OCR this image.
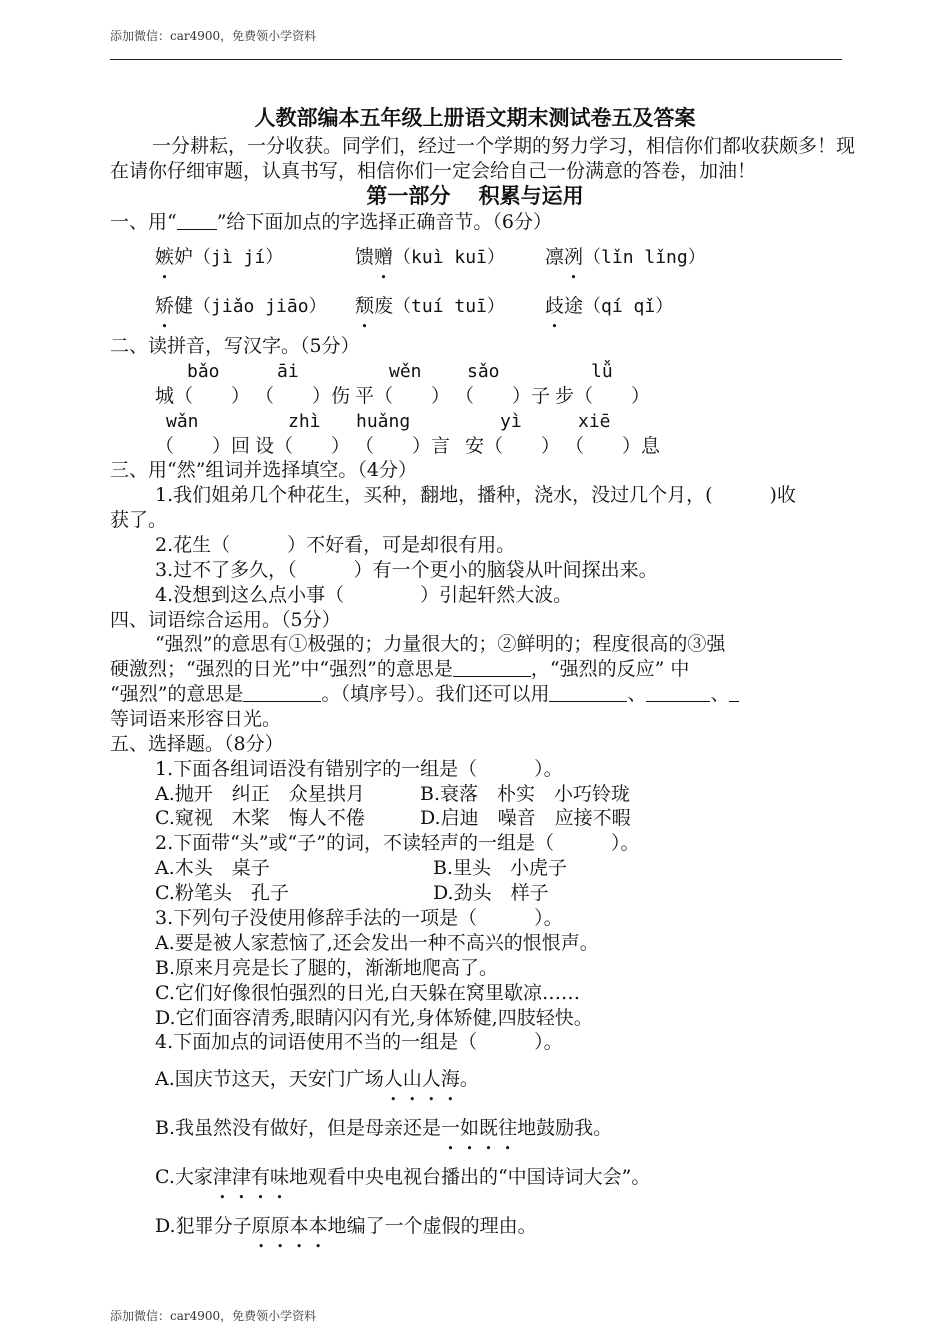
添加微信：car4900，免费领小学资料
人教部编本五年级上册语文期末测试卷五及答案
一分耕耘，一分收获。同学们，经过一个学期的努力学习，相信你们都收获颇多！现
在请你仔细审题，认真书写，相信你们一定会给自己一份满意的答卷，加油！
第一部分　 积累与运用
一、用“ ”给下面加点的字选择正确音节。（6分）
嫉妒（jì jí）	馈赠（kuì kuī） 凛冽（lǐn lǐng）
矫健（jiǎo jiāo） 颓废（tuí tuī） 歧途（qí qǐ）
二、读拼音，写汉字。（5分）
bǎo	āi	wěn	sǎo	lǚ
城（　　） （　　）伤 平（　　） （　　）子 步（　　）
wǎn	zhì huǎng	yì	xiē
（　　）回 设（　　） （　　）言 安（　　） （　　）息
三、用“然”组词并选择填空。（4分）
1.我们姐弟几个种花生，买种，翻地，播种，浇水，没过几个月，(　　　)收
获了。
2.花生（　　　）不好看，可是却很有用。
3.过不了多久，（　　　）有一个更小的脑袋从叶间探出来。
4.没想到这么点小事（　　　　）引起轩然大波。
四、词语综合运用。（5分）
“强烈”的意思有①极强的；力量很大的；②鲜明的；程度很高的③强
硬激烈；“强烈的日光”中“强烈”的意思是	，“强烈的反应” 中
“强烈”的意思是	。（填序号）。我们还可以用	、	、
等词语来形容日光。
五、选择题。（8分）
1.下面各组词语没有错别字的一组是（　　　）。
A.抛开　纠正　众星拱月	B.衰落　朴实　小巧铃珑
C.窥视　木桨　悔人不倦	D.启迪　噪音　应接不暇
2.下面带“头”或“子”的词，不读轻声的一组是（　　　）。
A.木头　桌子	B.里头　小虎子
C.粉笔头　孔子	D.劲头　样子
3.下列句子没使用修辞手法的一项是（　　　）。
A.要是被人家惹恼了,还会发出一种不高兴的恨恨声。
B.原来月亮是长了腿的，渐渐地爬高了。
C.它们好像很怕强烈的日光,白天躲在窝里歇凉……
D.它们面容清秀,眼睛闪闪有光,身体矫健,四肢轻快。
4.下面加点的词语使用不当的一组是（　　　）。
A.国庆节这天，天安门广场人山人海。
B.我虽然没有做好，但是母亲还是一如既往地鼓励我。
C.大家津津有味地观看中央电视台播出的“中国诗词大会”。
D.犯罪分子原原本本地编了一个虚假的理由。
添加微信：car4900，免费领小学资料
